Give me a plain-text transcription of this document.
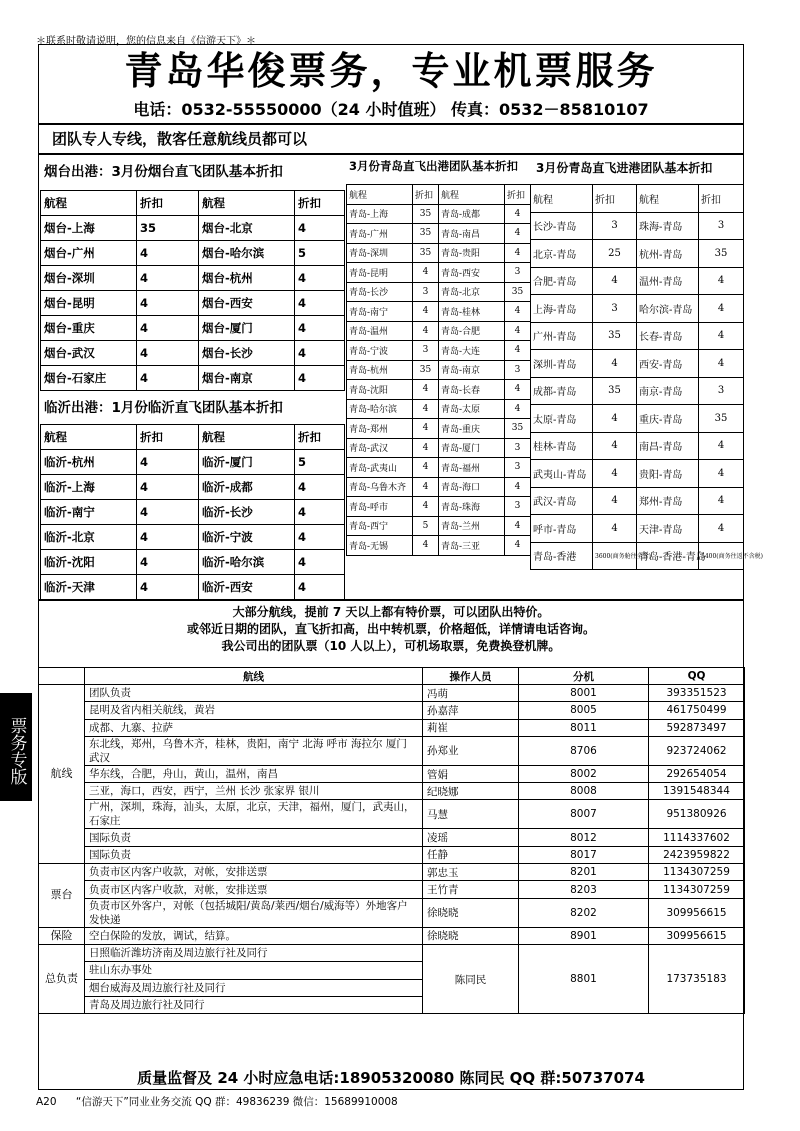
＊联系时敬请说明，您的信息来自《信游天下》＊
青岛华俊票务，专业机票服务
电话：0532-55550000（24 小时值班） 传真：0532－85810107
团队专人专线，散客任意航线员都可以
烟台出港：3月份烟台直飞团队基本折扣
航程	折扣	航程	折扣
烟台-上海	35	烟台-北京	4
烟台-广州	4	烟台-哈尔滨	5
烟台-深圳	4	烟台-杭州	4
烟台-昆明	4	烟台-西安	4
烟台-重庆	4	烟台-厦门	4
烟台-武汉	4	烟台-长沙	4
烟台-石家庄	4	烟台-南京	4
临沂出港：1月份临沂直飞团队基本折扣
航程	折扣	航程	折扣
临沂-杭州	4	临沂-厦门	5
临沂-上海	4	临沂-成都	4
临沂-南宁	4	临沂-长沙	4
临沂-北京	4	临沂-宁波	4
临沂-沈阳	4	临沂-哈尔滨	4
临沂-天津	4	临沂-西安	4
3月份青岛直飞出港团队基本折扣
航程	折扣	航程	折扣
青岛-上海	35	青岛-成都	4
青岛-广州	35	青岛-南昌	4
青岛-深圳	35	青岛-贵阳	4
青岛-昆明	4	青岛-西安	3
青岛-长沙	3	青岛-北京	35
青岛-南宁	4	青岛-桂林	4
青岛-温州	4	青岛-合肥	4
青岛-宁波	3	青岛-大连	4
青岛-杭州	35	青岛-南京	3
青岛-沈阳	4	青岛-长春	4
青岛-哈尔滨	4	青岛-太原	4
青岛-郑州	4	青岛-重庆	35
青岛-武汉	4	青岛-厦门	3
青岛-武夷山	4	青岛-福州	3
青岛-乌鲁木齐	4	青岛-海口	4
青岛-呼市	4	青岛-珠海	3
青岛-西宁	5	青岛-兰州	4
青岛-无锡	4	青岛-三亚	4
3月份青岛直飞进港团队基本折扣
航程	折扣	航程	折扣
长沙-青岛	3	珠海-青岛	3
北京-青岛	25	杭州-青岛	35
合肥-青岛	4	温州-青岛	4
上海-青岛	3	哈尔滨-青岛	4
广州-青岛	35	长春-青岛	4
深圳-青岛	4	西安-青岛	4
成都-青岛	35	南京-青岛	3
太原-青岛	4	重庆-青岛	35
桂林-青岛	4	南昌-青岛	4
武夷山-青岛	4	贵阳-青岛	4
武汉-青岛	4	郑州-青岛	4
呼市-青岛	4	天津-青岛	4
青岛-香港	3600(商务舱往全含)	青岛-香港-青岛	5400(商务往返不含税)
大部分航线，提前 7 天以上都有特价票，可以团队出特价。
或邻近日期的团队，直飞折扣高，出中转机票，价格超低，详情请电话咨询。
我公司出的团队票（10 人以上），可机场取票，免费换登机牌。
票务专版
	航线	操作人员	分机	QQ
航线	团队负责	冯萌	8001	393351523
	昆明及省内相关航线，黄岩	孙嘉萍	8005	461750499
	成都、九寨、拉萨	莉崔	8011	592873497
	东北线，郑州，乌鲁木齐，桂林，贵阳，南宁 北海 呼市 海拉尔 厦门 武汉	孙郑业	8706	923724062
	华东线，合肥，舟山，黄山，温州，南昌	管娟	8002	292654054
	三亚，海口，西安，西宁，兰州 长沙 张家界 银川	纪晓娜	8008	1391548344
	广州，深圳，珠海，汕头，太原，北京，天津，福州，厦门，武夷山，石家庄	马慧	8007	951380926
	国际负责	凌瑶	8012	1114337602
	国际负责	任静	8017	2423959822
票台	负责市区内客户收款，对帐，安排送票	郭忠玉	8201	1134307259
	负责市区内客户收款，对帐，安排送票	王竹青	8203	1134307259
	负责市区外客户，对帐（包括城阳/黄岛/莱西/烟台/威海等）外地客户发快递	徐晓晓	8202	309956615
保险	空白保险的发放，调试，结算。	徐晓晓	8901	309956615
总负责	日照临沂潍坊济南及周边旅行社及同行	陈同民	8801	173735183
	驻山东办事处			
	烟台威海及周边旅行社及同行			
	青岛及周边旅行社及同行			
质量监督及 24 小时应急电话:18905320080 陈同民 QQ 群:50737074
A20 “信游天下”同业业务交流 QQ 群：49836239 微信：15689910008
